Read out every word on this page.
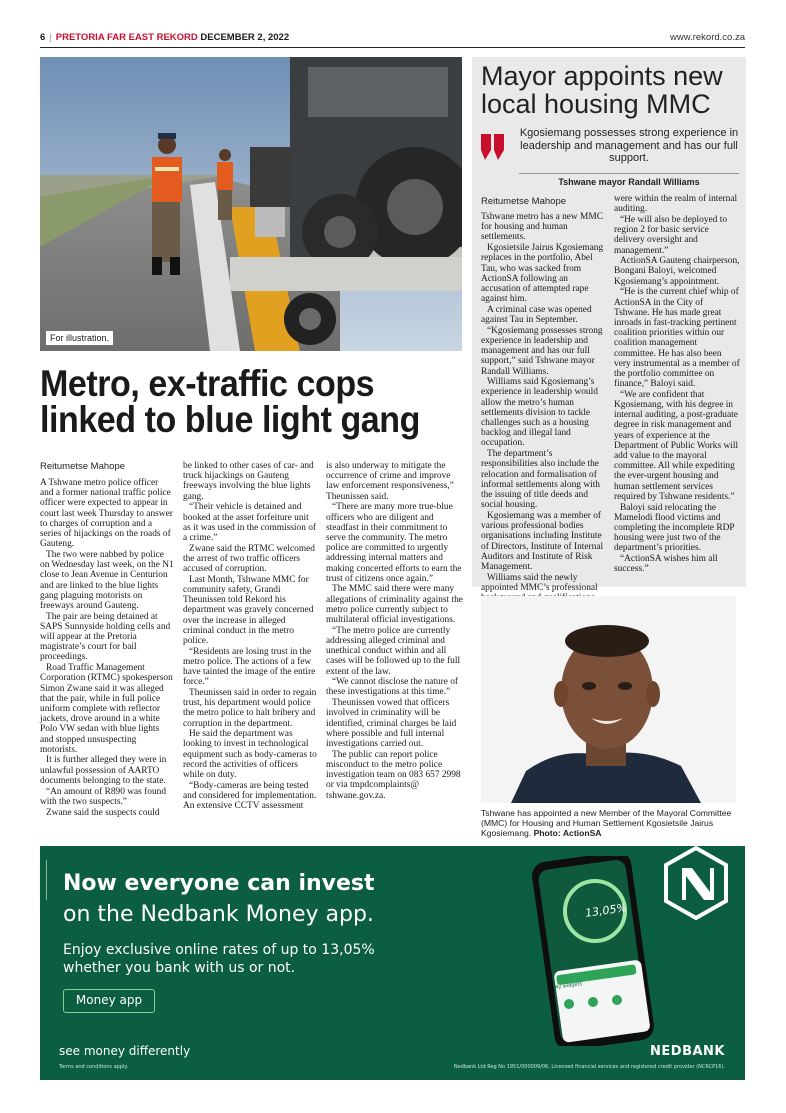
6 | PRETORIA FAR EAST REKORD DECEMBER 2, 2022	www.rekord.co.za
For illustration.
Metro, ex-traffic cops
linked to blue light gang
Reitumetse Mahope

A Tshwane metro police officer and a former national traffic police officer were expected to appear in court last week Thursday to answer to charges of corruption and a series of hijackings on the roads of Gauteng.

The two were nabbed by police on Wednesday last week, on the N1 close to Jean Avenue in Centurion and are linked to the blue lights gang plaguing motorists on freeways around Gauteng.

The pair are being detained at SAPS Sunnyside holding cells and will appear at the Pretoria magistrate’s court for bail proceedings.

Road Traffic Management Corporation (RTMC) spokesperson Simon Zwane said it was alleged that the pair, while in full police uniform complete with reflector jackets, drove around in a white Polo VW sedan with blue lights and stopped unsuspecting motorists.

It is further alleged they were in unlawful possession of AARTO documents belonging to the state.

“An amount of R890 was found with the two suspects.”

Zwane said the suspects could

be linked to other cases of car- and truck hijackings on Gauteng freeways involving the blue lights gang.

“Their vehicle is detained and booked at the asset forfeiture unit as it was used in the commission of a crime.”

Zwane said the RTMC welcomed the arrest of two traffic officers accused of corruption.

Last Month, Tshwane MMC for community safety, Grandi Theunissen told Rekord his department was gravely concerned over the increase in alleged criminal conduct in the metro police.

“Residents are losing trust in the metro police. The actions of a few have tainted the image of the entire force.”

Theunissen said in order to regain trust, his department would police the metro police to halt bribery and corruption in the department.

He said the department was looking to invest in technological equipment such as body-cameras to record the activities of officers while on duty.

“Body-cameras are being tested and considered for implementation. An extensive CCTV assessment

is also underway to mitigate the occurrence of crime and improve law enforcement responsiveness,” Theunissen said.

“There are many more true-blue officers who are diligent and steadfast in their commitment to serve the community. The metro police are committed to urgently addressing internal matters and making concerted efforts to earn the trust of citizens once again.”

The MMC said there were many allegations of criminality against the metro police currently subject to multilateral official investigations.

“The metro police are currently addressing alleged criminal and unethical conduct within and all cases will be followed up to the full extent of the law.

“We cannot disclose the nature of these investigations at this time.”

Theunissen vowed that officers involved in criminality will be identified, criminal charges be laid where possible and full internal investigations carried out.

The public can report police misconduct to the metro police investigation team on 083 657 2998 or via tmpdcomplaints@ tshwane.gov.za.

Mayor appoints new local housing MMC
Kgosiemang possesses strong experience in leadership and management and has our full support.
Tshwane mayor Randall Williams
Reitumetse Mahope

Tshwane metro has a new MMC for housing and human settlements.

Kgosietsile Jairus Kgosiemang replaces in the portfolio, Abel Tau, who was sacked from ActionSA following an accusation of attempted rape against him.

A criminal case was opened against Tau in September.

“Kgosiemang possesses strong experience in leadership and management and has our full support,” said Tshwane mayor Randall Williams.

Williams said Kgosiemang’s experience in leadership would allow the metro’s human settlements division to tackle challenges such as a housing backlog and illegal land occupation.

The department’s responsibilities also include the relocation and formalisation of informal settlements along with the issuing of title deeds and social housing.

Kgosiemang was a member of various professional bodies organisations including Institute of Directors, Institute of Internal Auditors and Institute of Risk Management.

Williams said the newly appointed MMC’s professional

were within the realm of internal auditing.

“He will also be deployed to region 2 for basic service delivery oversight and management.”

ActionSA Gauteng chairperson, Bongani Baloyi, welcomed Kgosiemang’s appointment.

“He is the current chief whip of ActionSA in the City of Tshwane. He has made great inroads in fast-tracking pertinent coalition priorities within our coalition management committee. He has also been very instrumental as a member of the portfolio committee on finance,” Baloyi said.

“We are confident that Kgosiemang, with his degree in internal auditing, a post-graduate degree in risk management and years of experience at the Department of Public Works will add value to the mayoral committee. All while expediting the ever-urgent housing and human settlement services required by Tshwane residents.”

Baloyi said relocating the Mamelodi flood victims and completing the incomplete RDP housing were just two of the department’s priorities.

“ActionSA wishes him all success.”

Tshwane has appointed a new Member of the Mayoral Committee (MMC) for Housing and Human Settlement Kgosietsile Jairus Kgosiemang. Photo: ActionSA
Now everyone can invest
on the Nedbank Money app.
Enjoy exclusive online rates of up to 13,05% whether you bank with us or not.
Money app
13,05%
Investments
My widgets
see money differently
Terms and conditions apply.
NEDBANK
Nedbank Ltd Reg No 1951/000009/06. Licensed financial services and registered credit provider (NCRCP16).
